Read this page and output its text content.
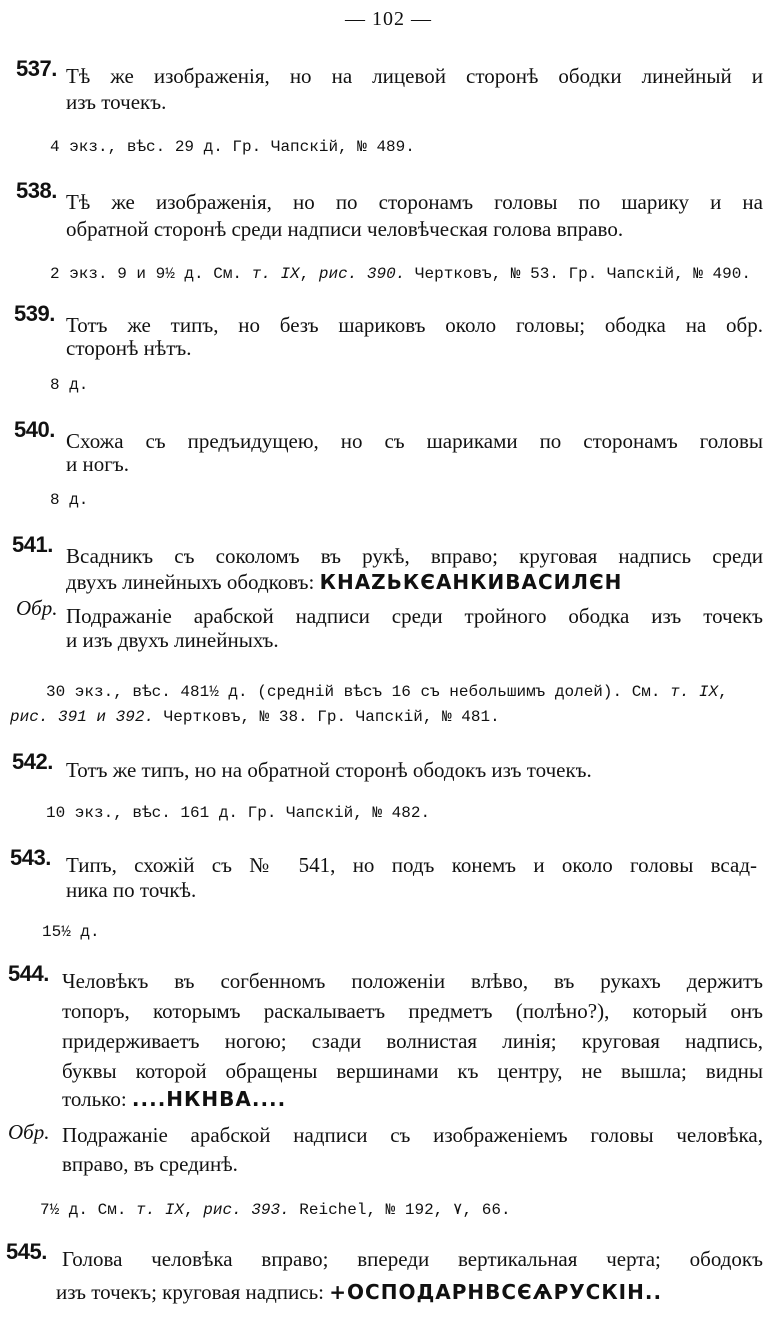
— 102 —
537. Тѣ же изображенія, но на лицевой сторонѣ ободки линейный и
изъ точекъ.
4 экз., вѣс. 29 д. Гр. Чапскій, № 489.
538. Тѣ же изображенія, но по сторонамъ головы по шарику и на
обратной сторонѣ среди надписи человѣческая голова вправо.
2 экз. 9 и 9½ д. См. т. IX, рис. 390. Чертковъ, № 53. Гр. Чапскій, № 490.
539. Тотъ же типъ, но безъ шариковъ около головы; ободка на обр.
сторонѣ нѣтъ.
8 д.
540. Схожа съ предъидущею, но съ шариками по сторонамъ головы
и ногъ.
8 д.
541. Всадникъ съ соколомъ въ рукѣ, вправо; круговая надпись среди
двухъ линейныхъ ободковъ: КНАZЬКЄАНКИВАСИЛЄН
Обр. Подражаніе арабской надписи среди тройного ободка изъ точекъ
и изъ двухъ линейныхъ.
30 экз., вѣс. 481½ д. (средній вѣсъ 16 съ небольшимъ долей). См. т. IX,
рис. 391 и 392. Чертковъ, № 38. Гр. Чапскій, № 481.
542. Тотъ же типъ, но на обратной сторонѣ ободокъ изъ точекъ.
10 экз., вѣс. 161 д. Гр. Чапскій, № 482.
543. Типъ, схожій съ № 541, но подъ конемъ и около головы всад-
ника по точкѣ.
15½ д.
544. Человѣкъ въ согбенномъ положеніи влѣво, въ рукахъ держитъ
топоръ, которымъ раскалываетъ предметъ (полѣно?), который онъ
придерживаетъ ногою; сзади волнистая линія; круговая надпись,
буквы которой обращены вершинами къ центру, не вышла; видны
только: ....НКНВА....
Обр. Подражаніе арабской надписи съ изображеніемъ головы человѣка,
вправо, въ срединѣ.
7½ д. См. т. IX, рис. 393. Reichel, № 192, ٧, 66.
545. Голова человѣка вправо; впереди вертикальная черта; ободокъ
изъ точекъ; круговая надпись: +ОСПОДАРНВСЄѦРУСКІН..
